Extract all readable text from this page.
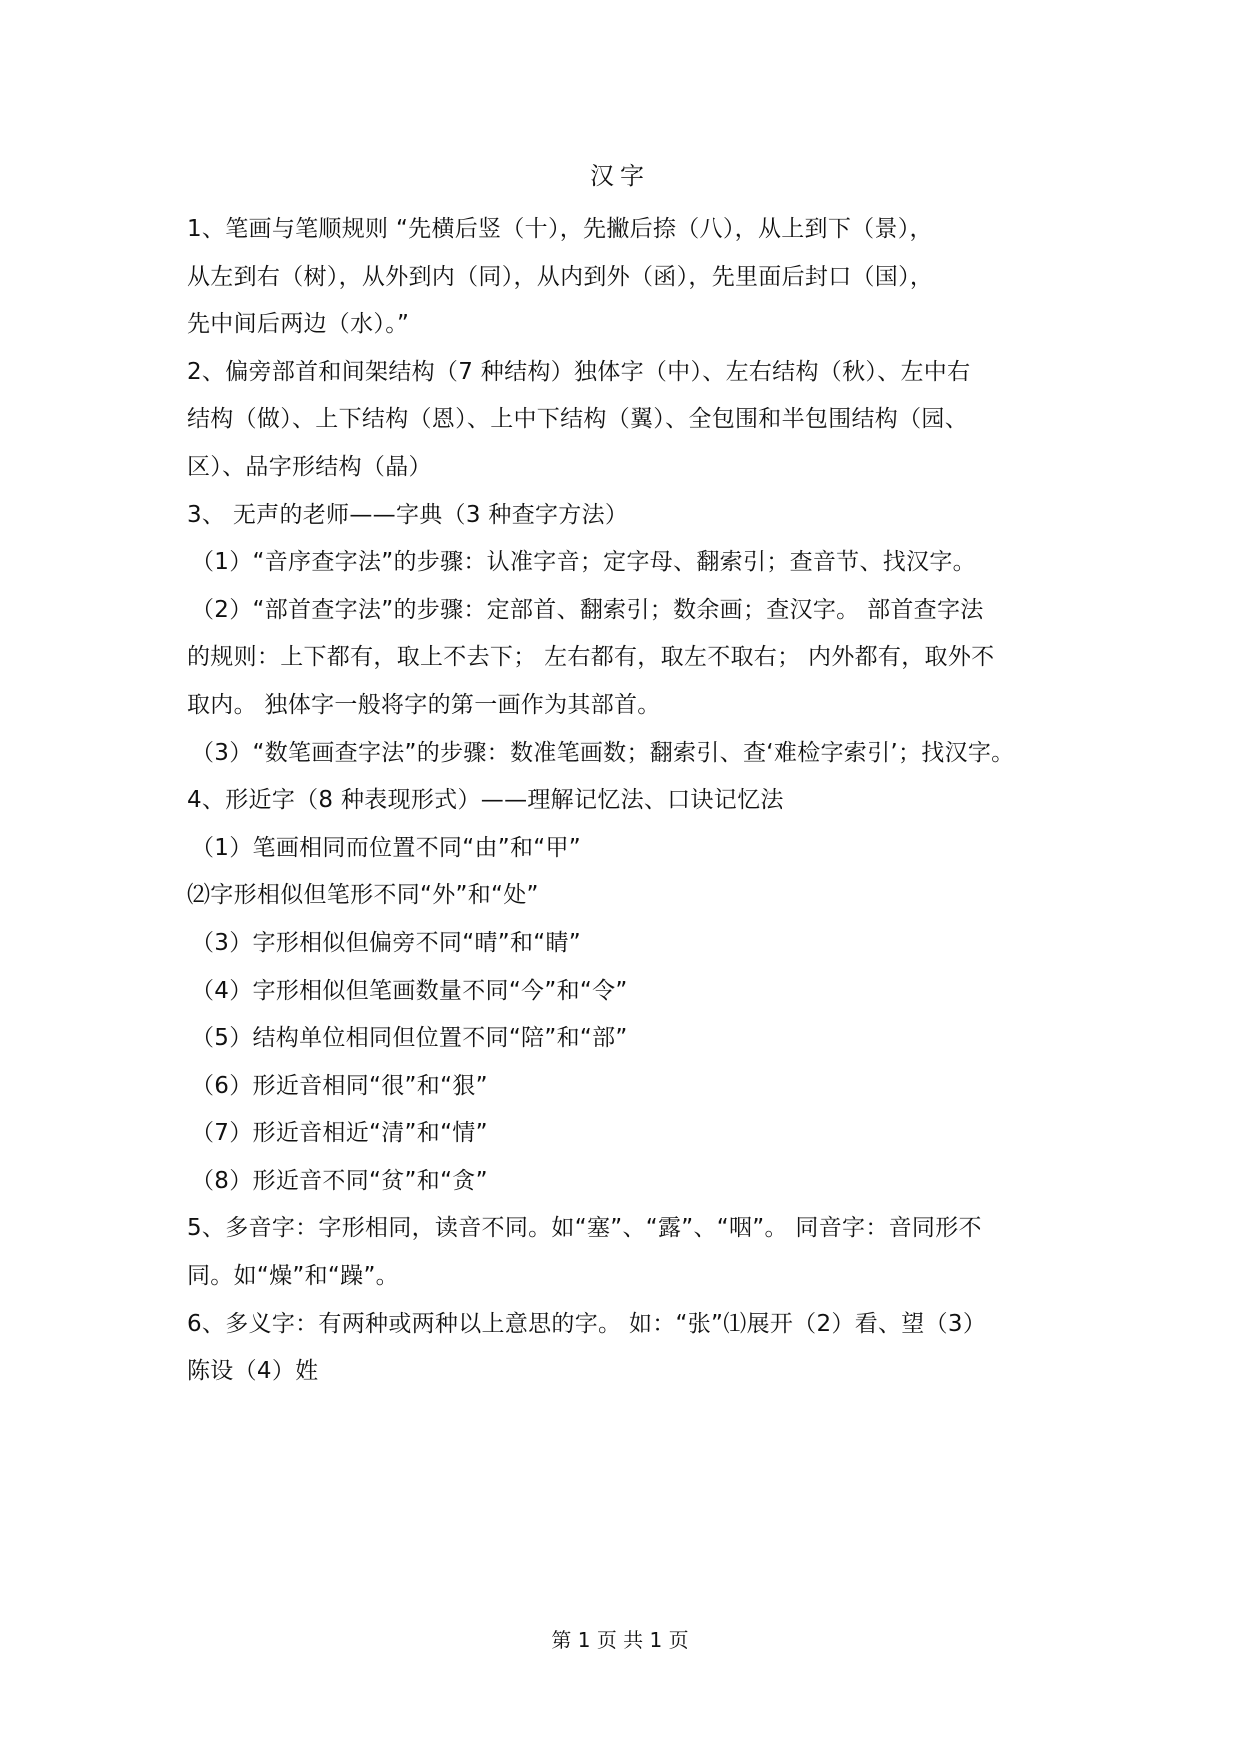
汉字
1、笔画与笔顺规则 “先横后竖（十），先撇后捺（八），从上到下（景），
从左到右（树），从外到内（同），从内到外（函），先里面后封口（国），
先中间后两边（水）。”
2、偏旁部首和间架结构（7 种结构）独体字（中）、左右结构（秋）、左中右
结构（做）、上下结构（恩）、上中下结构（翼）、全包围和半包围结构（园、
区）、品字形结构（晶）
3、 无声的老师——字典（3 种查字方法）
（1）“音序查字法”的步骤：认准字音；定字母、翻索引；查音节、找汉字。
（2）“部首查字法”的步骤：定部首、翻索引；数余画；查汉字。 部首查字法
的规则：上下都有，取上不去下； 左右都有，取左不取右； 内外都有，取外不
取内。 独体字一般将字的第一画作为其部首。
（3）“数笔画查字法”的步骤：数准笔画数；翻索引、查‘难检字索引’；找汉字。
4、形近字（8 种表现形式）——理解记忆法、口诀记忆法
（1）笔画相同而位置不同“由”和“甲”
⑵字形相似但笔形不同“外”和“处”
（3）字形相似但偏旁不同“晴”和“睛”
（4）字形相似但笔画数量不同“今”和“令”
（5）结构单位相同但位置不同“陪”和“部”
（6）形近音相同“很”和“狠”
（7）形近音相近“清”和“情”
（8）形近音不同“贫”和“贪”
5、多音字：字形相同，读音不同。如“塞”、“露”、“咽”。 同音字：音同形不
同。如“燥”和“躁”。
6、多义字：有两种或两种以上意思的字。 如：“张”⑴展开（2）看、望（3）
陈设（4）姓
第 1 页 共 1 页
